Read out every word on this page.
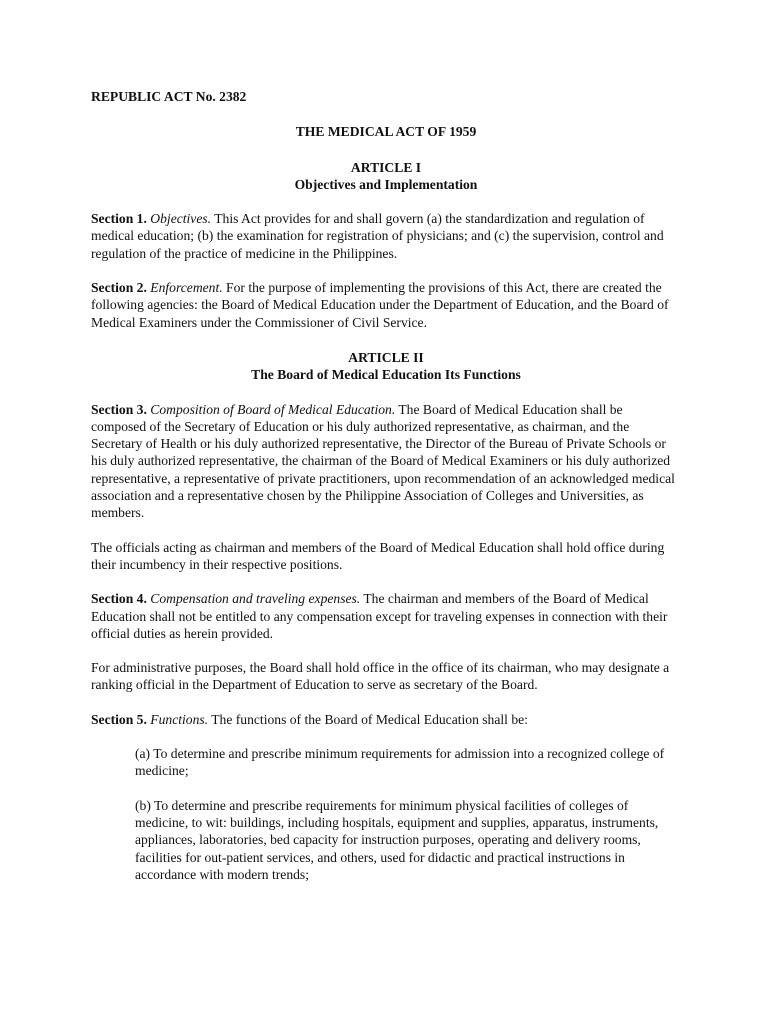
REPUBLIC ACT No. 2382

THE MEDICAL ACT OF 1959

ARTICLE I
Objectives and Implementation

Section 1. Objectives. This Act provides for and shall govern (a) the standardization and regulation of medical education; (b) the examination for registration of physicians; and (c) the supervision, control and regulation of the practice of medicine in the Philippines.

Section 2. Enforcement. For the purpose of implementing the provisions of this Act, there are created the following agencies: the Board of Medical Education under the Department of Education, and the Board of Medical Examiners under the Commissioner of Civil Service.

ARTICLE II
The Board of Medical Education Its Functions

Section 3. Composition of Board of Medical Education. The Board of Medical Education shall be composed of the Secretary of Education or his duly authorized representative, as chairman, and the Secretary of Health or his duly authorized representative, the Director of the Bureau of Private Schools or his duly authorized representative, the chairman of the Board of Medical Examiners or his duly authorized representative, a representative of private practitioners, upon recommendation of an acknowledged medical association and a representative chosen by the Philippine Association of Colleges and Universities, as members.

The officials acting as chairman and members of the Board of Medical Education shall hold office during their incumbency in their respective positions.

Section 4. Compensation and traveling expenses. The chairman and members of the Board of Medical Education shall not be entitled to any compensation except for traveling expenses in connection with their official duties as herein provided.

For administrative purposes, the Board shall hold office in the office of its chairman, who may designate a ranking official in the Department of Education to serve as secretary of the Board.

Section 5. Functions. The functions of the Board of Medical Education shall be:

(a) To determine and prescribe minimum requirements for admission into a recognized college of medicine;

(b) To determine and prescribe requirements for minimum physical facilities of colleges of medicine, to wit: buildings, including hospitals, equipment and supplies, apparatus, instruments, appliances, laboratories, bed capacity for instruction purposes, operating and delivery rooms, facilities for out-patient services, and others, used for didactic and practical instructions in accordance with modern trends;
